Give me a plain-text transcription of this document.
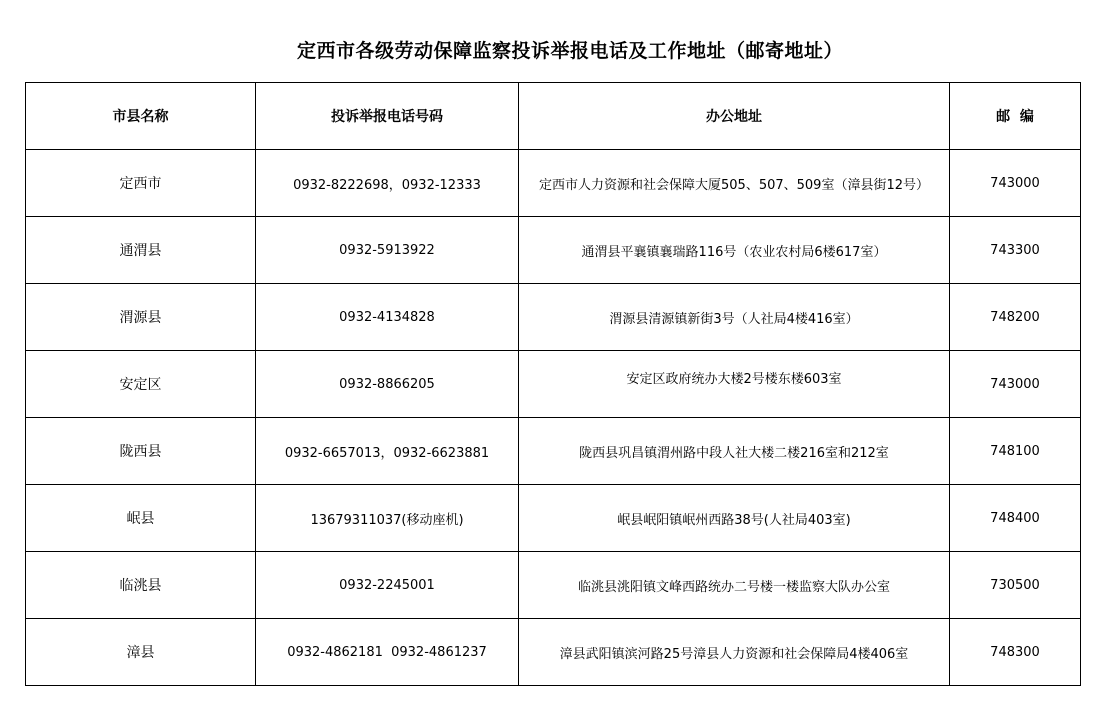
定西市各级劳动保障监察投诉举报电话及工作地址（邮寄地址）
市县名称	投诉举报电话号码	办公地址	邮  编
定西市	0932-8222698，0932-12333	定西市人力资源和社会保障大厦505、507、509室（漳县街12号）	743000
通渭县	0932-5913922	通渭县平襄镇襄瑞路116号（农业农村局6楼617室）	743300
渭源县	0932-4134828	渭源县清源镇新街3号（人社局4楼416室）	748200
安定区	0932-8866205	安定区政府统办大楼2号楼东楼603室	743000
陇西县	0932-6657013，0932-6623881	陇西县巩昌镇渭州路中段人社大楼二楼216室和212室	748100
岷县	13679311037(移动座机)	岷县岷阳镇岷州西路38号(人社局403室)	748400
临洮县	0932-2245001	临洮县洮阳镇文峰西路统办二号楼一楼监察大队办公室	730500
漳县	0932-4862181  0932-4861237	漳县武阳镇滨河路25号漳县人力资源和社会保障局4楼406室	748300
